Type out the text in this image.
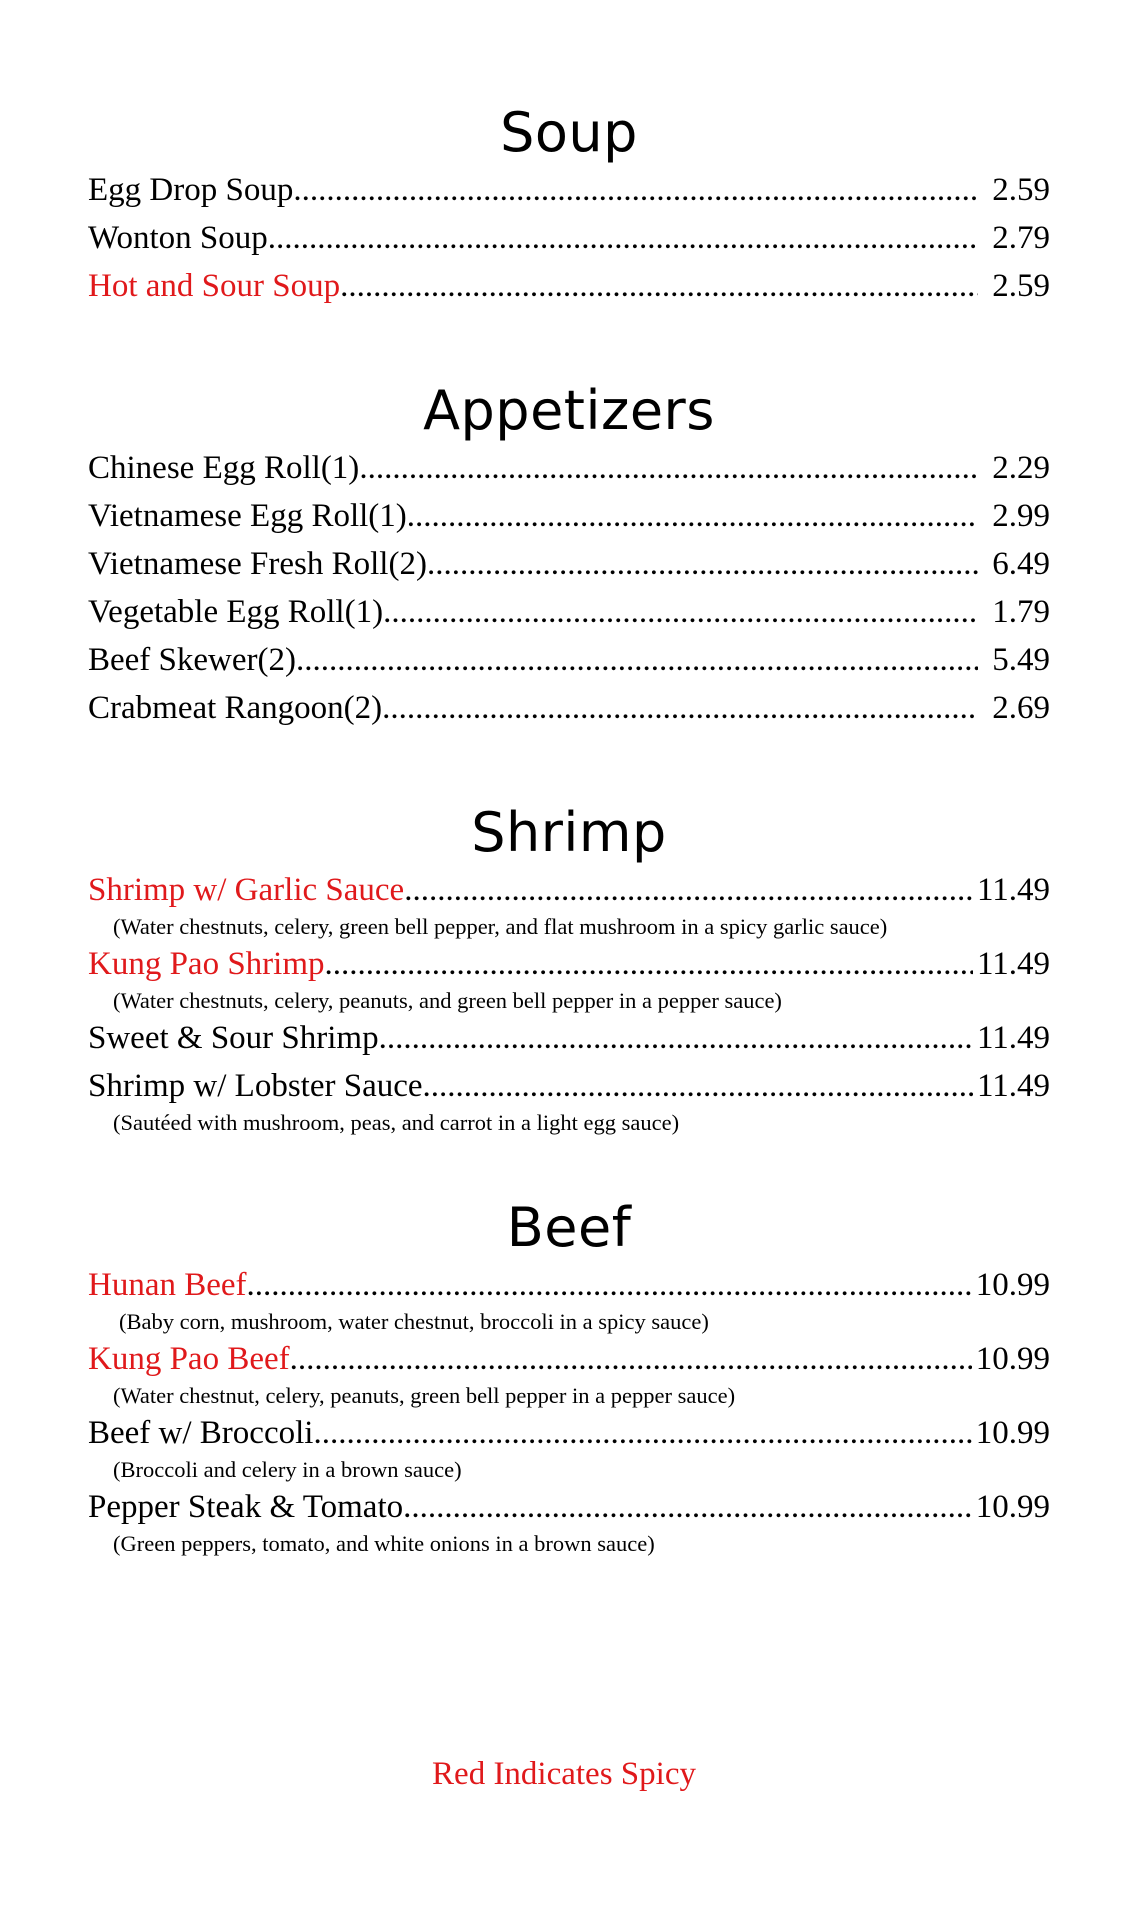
Soup
Egg Drop Soup .....	2.59
Wonton Soup .....	2.79
Hot and Sour Soup .....	2.59
Appetizers
Chinese Egg Roll(1) .....	2.29
Vietnamese Egg Roll(1) .....	2.99
Vietnamese Fresh Roll(2) .....	6.49
Vegetable Egg Roll(1) .....	1.79
Beef Skewer(2) .....	5.49
Crabmeat Rangoon(2) .....	2.69
Shrimp
Shrimp w/ Garlic Sauce .....	11.49
(Water chestnuts, celery, green bell pepper, and flat mushroom in a spicy garlic sauce)
Kung Pao Shrimp .....	11.49
(Water chestnuts, celery, peanuts, and green bell pepper in a pepper sauce)
Sweet & Sour Shrimp .....	11.49
Shrimp w/ Lobster Sauce .....	11.49
(Sautéed with mushroom, peas, and carrot in a light egg sauce)
Beef
Hunan Beef .....	10.99
(Baby corn, mushroom, water chestnut, broccoli in a spicy sauce)
Kung Pao Beef .....	10.99
(Water chestnut, celery, peanuts, green bell pepper in a pepper sauce)
Beef w/ Broccoli .....	10.99
(Broccoli and celery in a brown sauce)
Pepper Steak & Tomato .....	10.99
(Green peppers, tomato, and white onions in a brown sauce)
Red Indicates Spicy
